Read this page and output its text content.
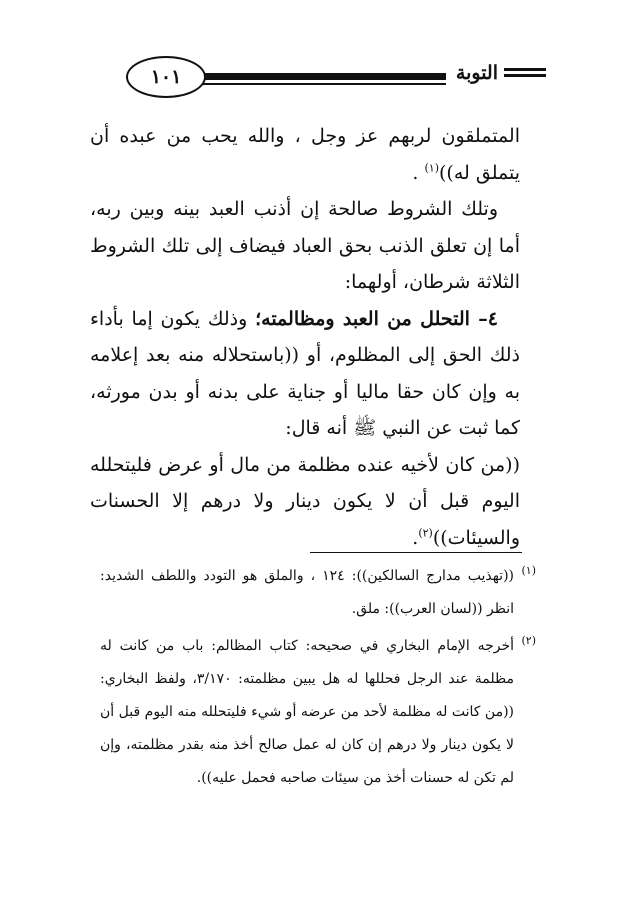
١٠١	التوبة

المتملقون لربهم عز وجل ، والله يحب من عبده أن يتملق له))$^{(١)}$ .

وتلك الشروط صالحة إن أذنب العبد بينه وبين ربه، أما إن تعلق الذنب بحق العباد فيضاف إلى تلك الشروط الثلاثة شرطان، أولهما:

٤– التحلل من العبد ومظالمته؛ وذلك يكون إما بأداء ذلك الحق إلى المظلوم، أو ((باستحلاله منه بعد إعلامه به وإن كان حقا ماليا أو جناية على بدنه أو بدن مورثه، كما ثبت عن النبي ﷺ أنه قال:

((من كان لأخيه عنده مظلمة من مال أو عرض فليتحلله اليوم قبل أن لا يكون دينار ولا درهم إلا الحسنات والسيئات))$^{(٢)}$.

(١)
((تهذيب مدارج السالكين)): ١٢٤ ، والملق هو التودد واللطف الشديد: انظر ((لسان العرب)): ملق.

(٢)
أخرجه الإمام البخاري في صحيحه: كتاب المظالم: باب من كانت له مظلمة عند الرجل فحللها له هل يبين مظلمته: ٣/١٧٠، ولفظ البخاري: ((من كانت له مظلمة لأحد من عرضه أو شيء فليتحلله منه اليوم قبل أن لا يكون دينار ولا درهم إن كان له عمل صالح أخذ منه بقدر مظلمته، وإن لم تكن له حسنات أخذ من سيئات صاحبه فحمل عليه)).
